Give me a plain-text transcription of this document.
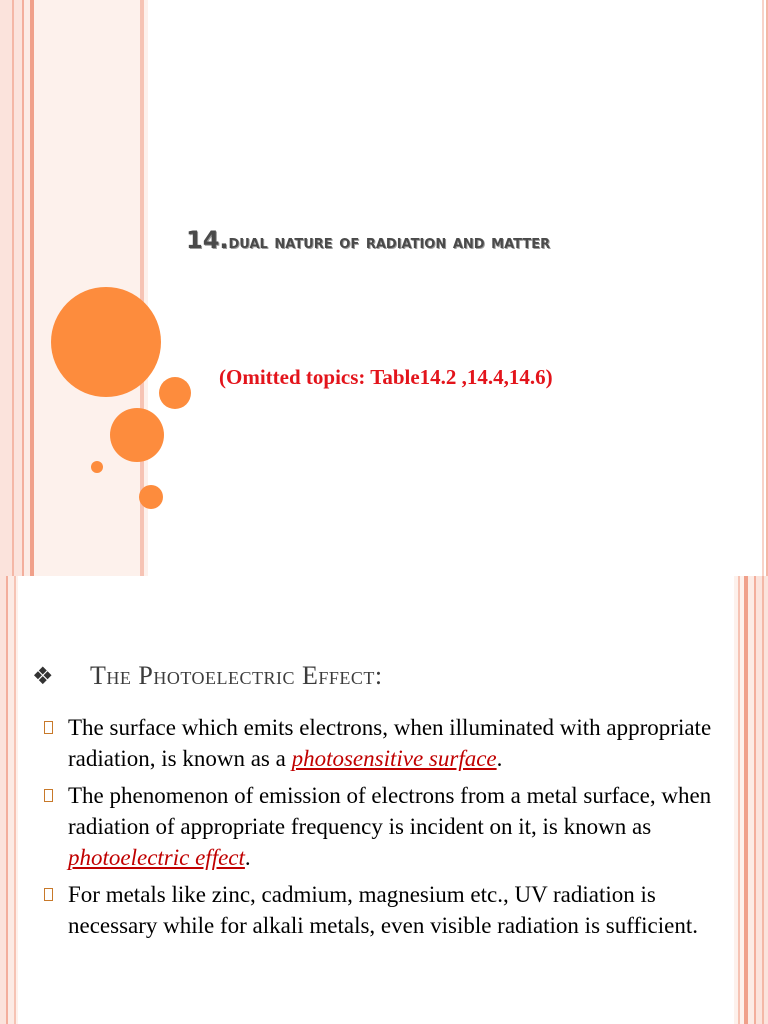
14.dual nature of radiation and matter
(Omitted topics: Table14.2 ,14.4,14.6)
❖	The Photoelectric Effect:
The surface which emits electrons, when illuminated with appropriate radiation, is known as a photosensitive surface.
The phenomenon of emission of electrons from a metal surface, when radiation of appropriate frequency is incident on it, is known as photoelectric effect.
For metals like zinc, cadmium, magnesium etc., UV radiation is necessary while for alkali metals, even visible radiation is sufficient.
